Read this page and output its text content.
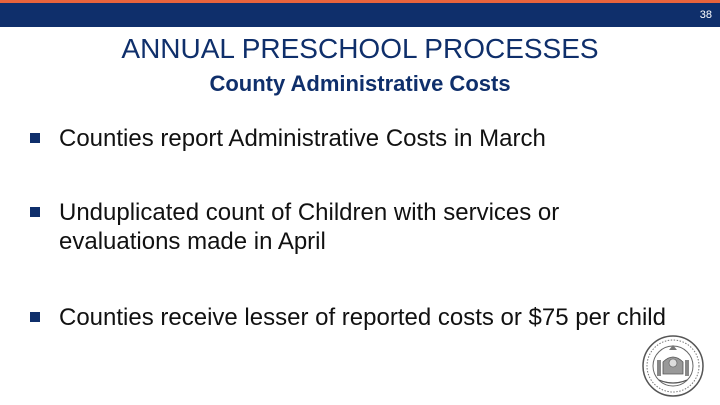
38
ANNUAL PRESCHOOL PROCESSES
County Administrative Costs
Counties report Administrative Costs in March
Unduplicated count of Children with services or evaluations made in April
Counties receive lesser of reported costs or $75 per child
